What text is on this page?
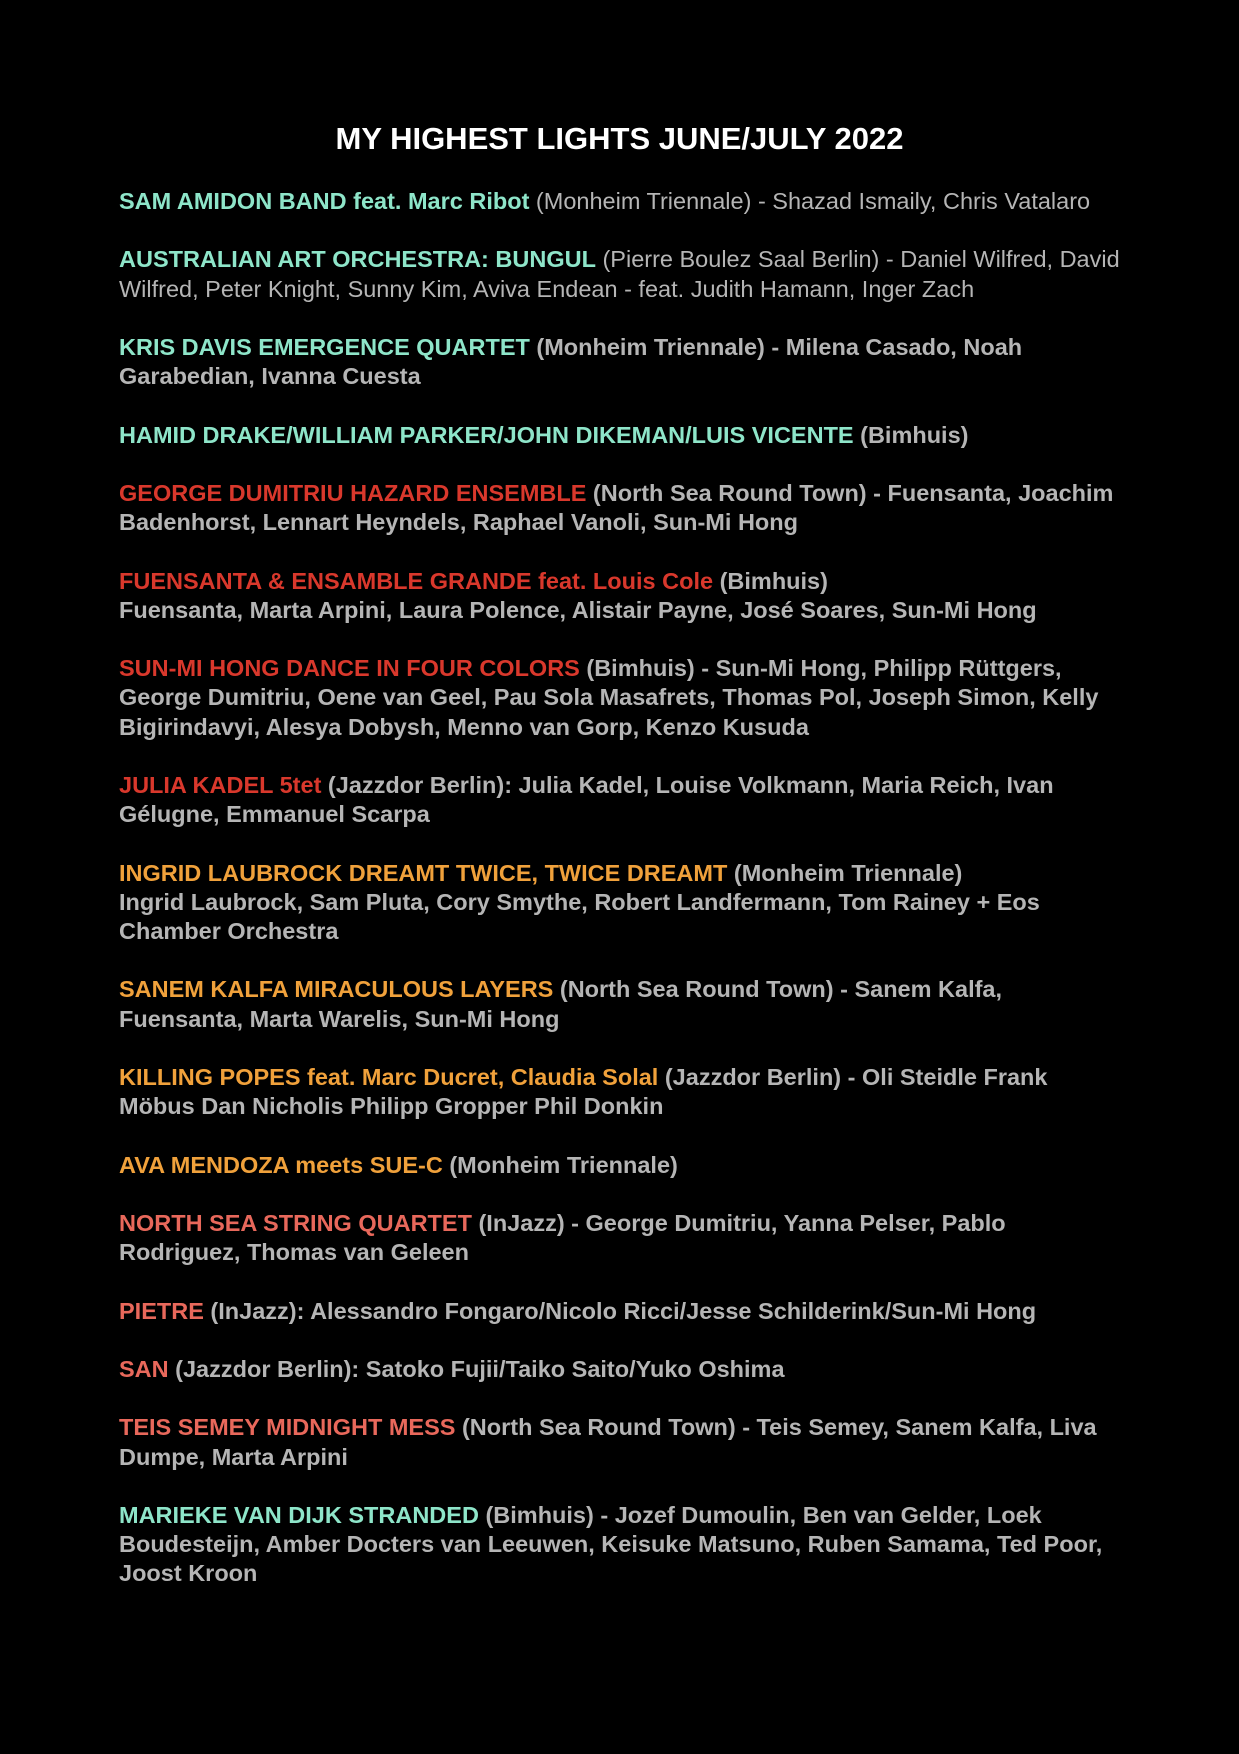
MY HIGHEST LIGHTS JUNE/JULY 2022

SAM AMIDON BAND feat. Marc Ribot (Monheim Triennale) - Shazad Ismaily, Chris Vatalaro

AUSTRALIAN ART ORCHESTRA: BUNGUL (Pierre Boulez Saal Berlin) - Daniel Wilfred, David Wilfred, Peter Knight, Sunny Kim, Aviva Endean - feat. Judith Hamann, Inger Zach

KRIS DAVIS EMERGENCE QUARTET (Monheim Triennale) - Milena Casado, Noah Garabedian, Ivanna Cuesta

HAMID DRAKE/WILLIAM PARKER/JOHN DIKEMAN/LUIS VICENTE (Bimhuis)

GEORGE DUMITRIU HAZARD ENSEMBLE (North Sea Round Town) - Fuensanta, Joachim Badenhorst, Lennart Heyndels, Raphael Vanoli, Sun-Mi Hong

FUENSANTA & ENSAMBLE GRANDE feat. Louis Cole (Bimhuis)
Fuensanta, Marta Arpini, Laura Polence, Alistair Payne, José Soares, Sun-Mi Hong

SUN-MI HONG DANCE IN FOUR COLORS (Bimhuis) - Sun-Mi Hong, Philipp Rüttgers, George Dumitriu, Oene van Geel, Pau Sola Masafrets, Thomas Pol, Joseph Simon, Kelly Bigirindavyi, Alesya Dobysh, Menno van Gorp, Kenzo Kusuda

JULIA KADEL 5tet (Jazzdor Berlin): Julia Kadel, Louise Volkmann, Maria Reich, Ivan Gélugne, Emmanuel Scarpa

INGRID LAUBROCK DREAMT TWICE, TWICE DREAMT (Monheim Triennale)
Ingrid Laubrock, Sam Pluta, Cory Smythe, Robert Landfermann, Tom Rainey + Eos Chamber Orchestra

SANEM KALFA MIRACULOUS LAYERS (North Sea Round Town) - Sanem Kalfa, Fuensanta, Marta Warelis, Sun-Mi Hong

KILLING POPES feat. Marc Ducret, Claudia Solal (Jazzdor Berlin) - Oli Steidle Frank Möbus Dan Nicholis Philipp Gropper Phil Donkin

AVA MENDOZA meets SUE-C (Monheim Triennale)

NORTH SEA STRING QUARTET (InJazz) - George Dumitriu, Yanna Pelser, Pablo Rodriguez, Thomas van Geleen

PIETRE (InJazz): Alessandro Fongaro/Nicolo Ricci/Jesse Schilderink/Sun-Mi Hong

SAN (Jazzdor Berlin): Satoko Fujii/Taiko Saito/Yuko Oshima

TEIS SEMEY MIDNIGHT MESS (North Sea Round Town) - Teis Semey, Sanem Kalfa, Liva Dumpe, Marta Arpini

MARIEKE VAN DIJK STRANDED (Bimhuis) - Jozef Dumoulin, Ben van Gelder, Loek Boudesteijn, Amber Docters van Leeuwen, Keisuke Matsuno, Ruben Samama, Ted Poor, Joost Kroon
